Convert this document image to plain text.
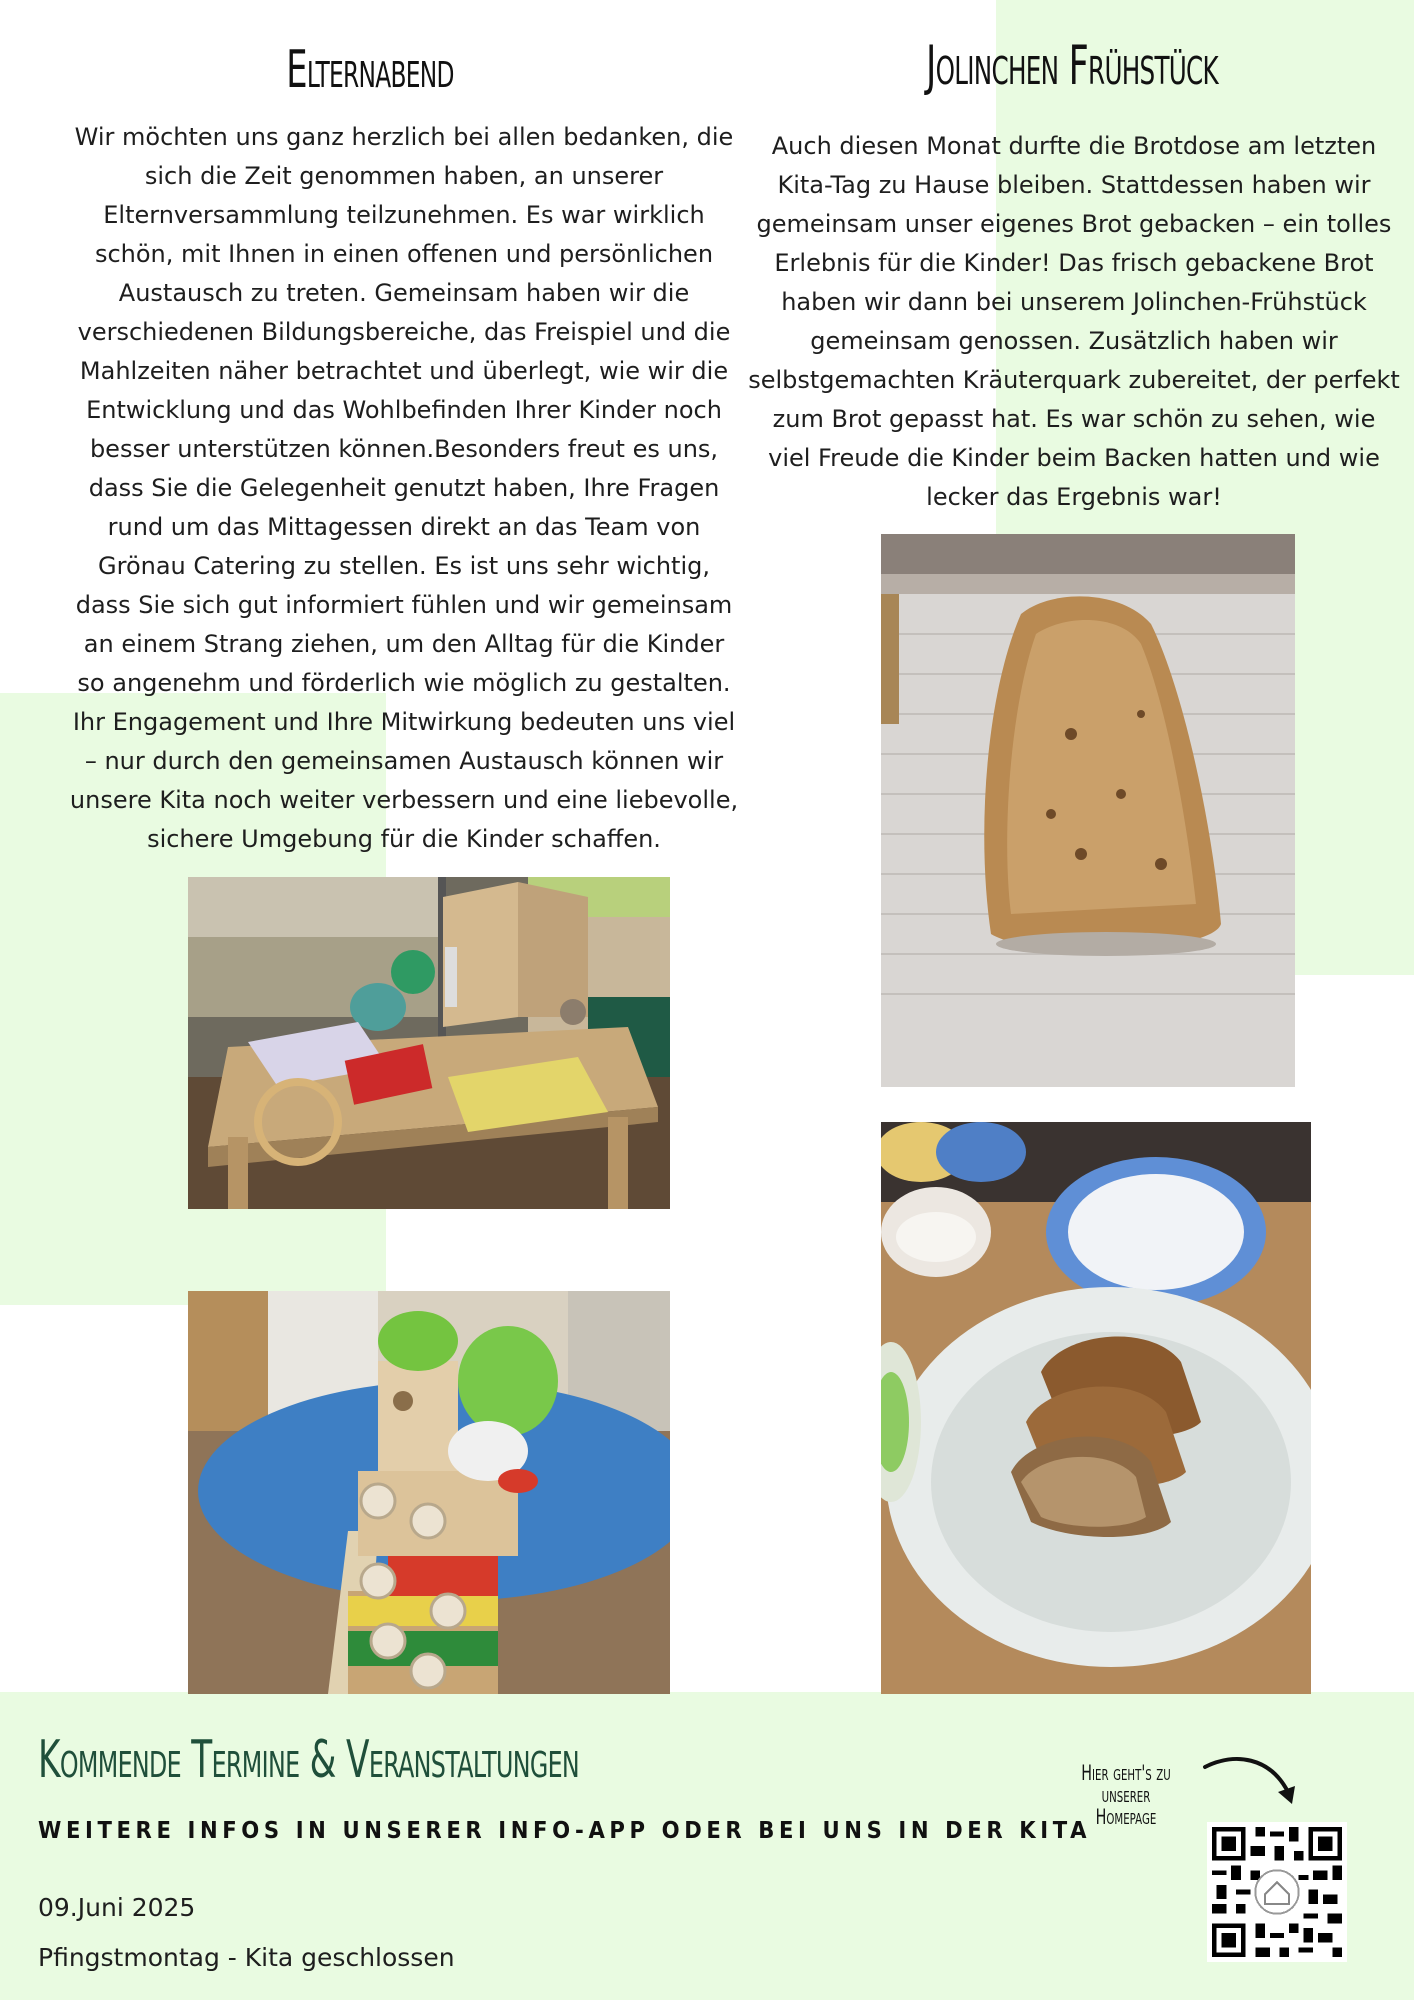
Elternabend
Wir möchten uns ganz herzlich bei allen bedanken, die sich die Zeit genommen haben, an unserer Elternversammlung teilzunehmen. Es war wirklich schön, mit Ihnen in einen offenen und persönlichen Austausch zu treten. Gemeinsam haben wir die verschiedenen Bildungsbereiche, das Freispiel und die Mahlzeiten näher betrachtet und überlegt, wie wir die Entwicklung und das Wohlbefinden Ihrer Kinder noch besser unterstützen können.Besonders freut es uns, dass Sie die Gelegenheit genutzt haben, Ihre Fragen rund um das Mittagessen direkt an das Team von Grönau Catering zu stellen. Es ist uns sehr wichtig, dass Sie sich gut informiert fühlen und wir gemeinsam an einem Strang ziehen, um den Alltag für die Kinder so angenehm und förderlich wie möglich zu gestalten. Ihr Engagement und Ihre Mitwirkung bedeuten uns viel – nur durch den gemeinsamen Austausch können wir unsere Kita noch weiter verbessern und eine liebevolle, sichere Umgebung für die Kinder schaffen.
Jolinchen Frühstück
Auch diesen Monat durfte die Brotdose am letzten Kita-Tag zu Hause bleiben. Stattdessen haben wir gemeinsam unser eigenes Brot gebacken – ein tolles Erlebnis für die Kinder! Das frisch gebackene Brot haben wir dann bei unserem Jolinchen-Frühstück gemeinsam genossen. Zusätzlich haben wir selbstgemachten Kräuterquark zubereitet, der perfekt zum Brot gepasst hat. Es war schön zu sehen, wie viel Freude die Kinder beim Backen hatten und wie lecker das Ergebnis war!
Kommende Termine & Veranstaltungen
WEITERE INFOS IN UNSERER INFO-APP ODER BEI UNS IN DER KITA
09.Juni 2025
Pfingstmontag - Kita geschlossen
Hier geht's zu
unserer Homepage
